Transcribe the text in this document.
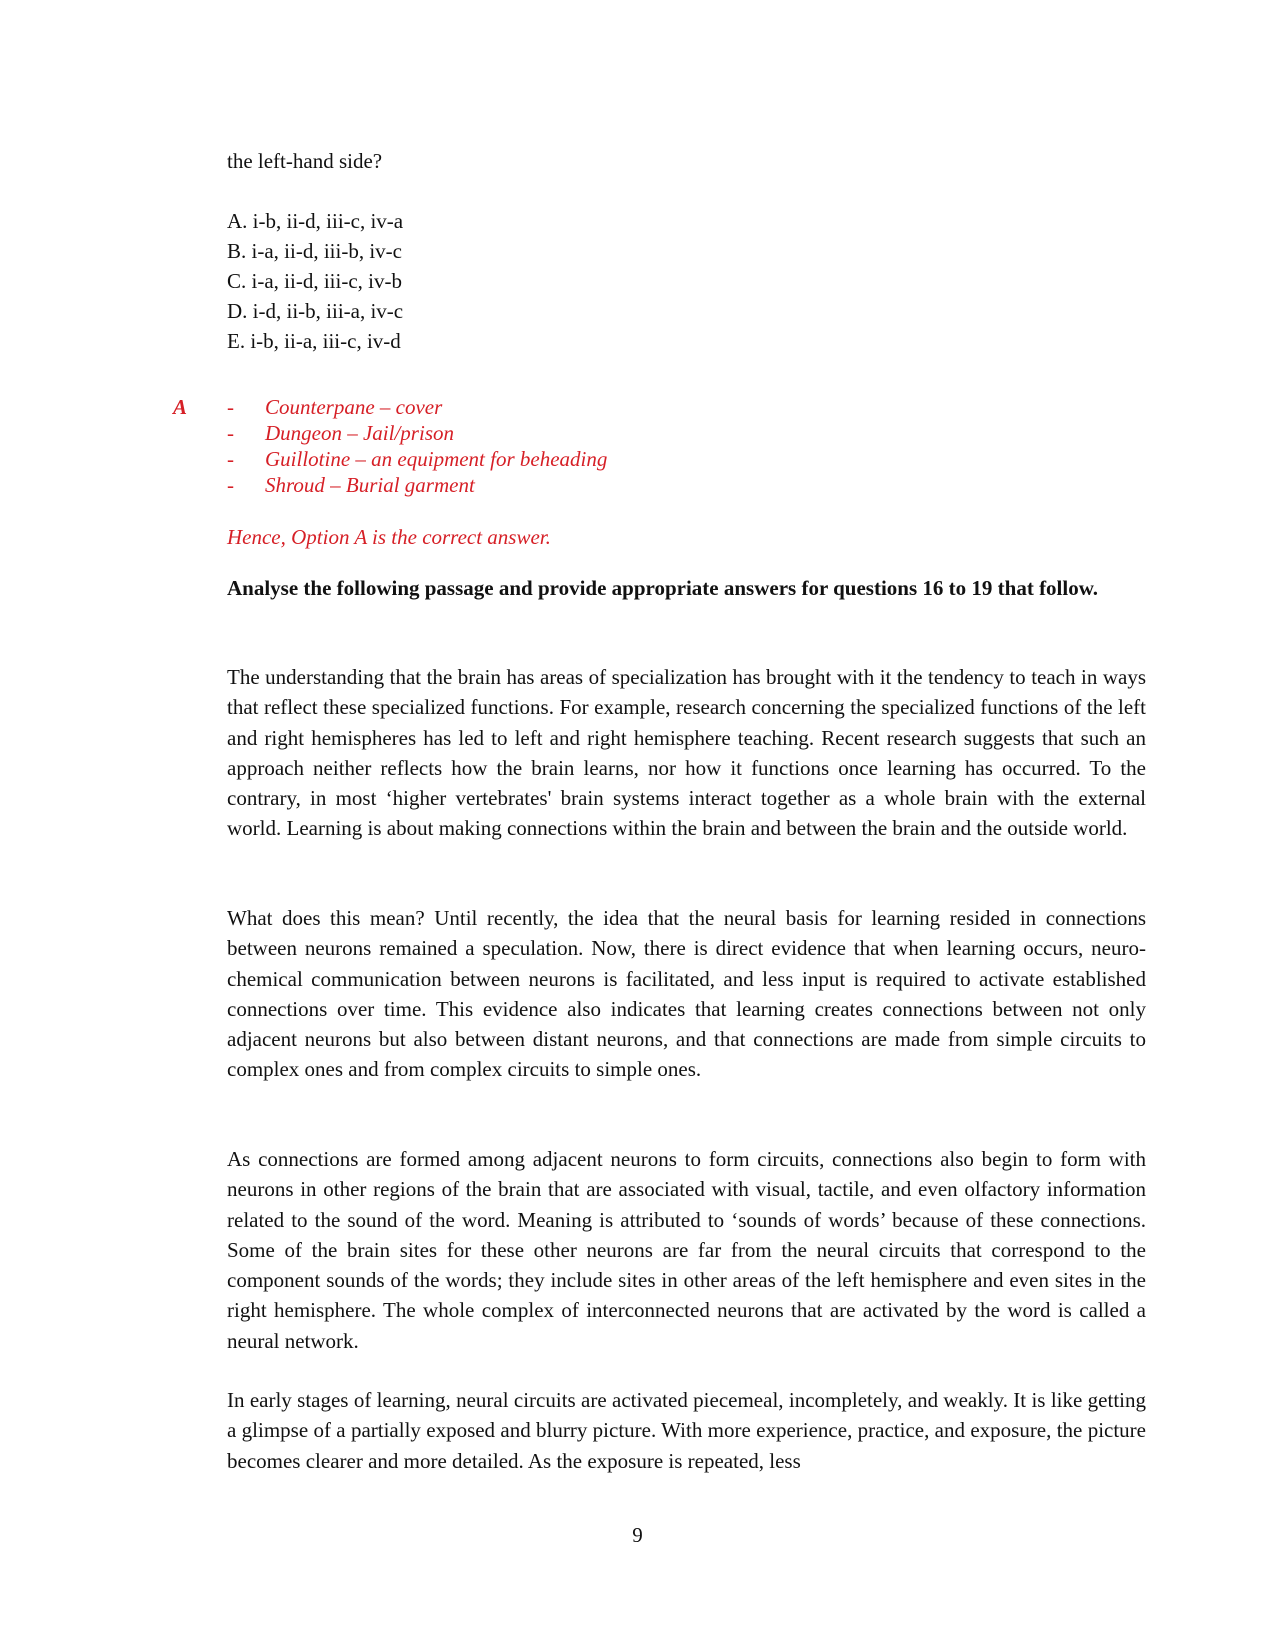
the left-hand side?
A. i-b, ii-d, iii-c, iv-a
B. i-a, ii-d, iii-b, iv-c
C. i-a, ii-d, iii-c, iv-b
D. i-d, ii-b, iii-a, iv-c
E. i-b, ii-a, iii-c, iv-d
A - Counterpane – cover
- Dungeon – Jail/prison
- Guillotine – an equipment for beheading
- Shroud – Burial garment
Hence, Option A is the correct answer.
Analyse the following passage and provide appropriate answers for questions 16 to 19 that follow.
The understanding that the brain has areas of specialization has brought with it the tendency to teach in ways that reflect these specialized functions. For example, research concerning the specialized functions of the left and right hemispheres has led to left and right hemisphere teaching. Recent research suggests that such an approach neither reflects how the brain learns, nor how it functions once learning has occurred. To the contrary, in most ‘higher vertebrates' brain systems interact together as a whole brain with the external world. Learning is about making connections within the brain and between the brain and the outside world.
What does this mean? Until recently, the idea that the neural basis for learning resided in connections between neurons remained a speculation. Now, there is direct evidence that when learning occurs, neuro-chemical communication between neurons is facilitated, and less input is required to activate established connections over time. This evidence also indicates that learning creates connections between not only adjacent neurons but also between distant neurons, and that connections are made from simple circuits to complex ones and from complex circuits to simple ones.
As connections are formed among adjacent neurons to form circuits, connections also begin to form with neurons in other regions of the brain that are associated with visual, tactile, and even olfactory information related to the sound of the word. Meaning is attributed to ‘sounds of words’ because of these connections. Some of the brain sites for these other neurons are far from the neural circuits that correspond to the component sounds of the words; they include sites in other areas of the left hemisphere and even sites in the right hemisphere. The whole complex of interconnected neurons that are activated by the word is called a neural network.
In early stages of learning, neural circuits are activated piecemeal, incompletely, and weakly. It is like getting a glimpse of a partially exposed and blurry picture. With more experience, practice, and exposure, the picture becomes clearer and more detailed. As the exposure is repeated, less
9
